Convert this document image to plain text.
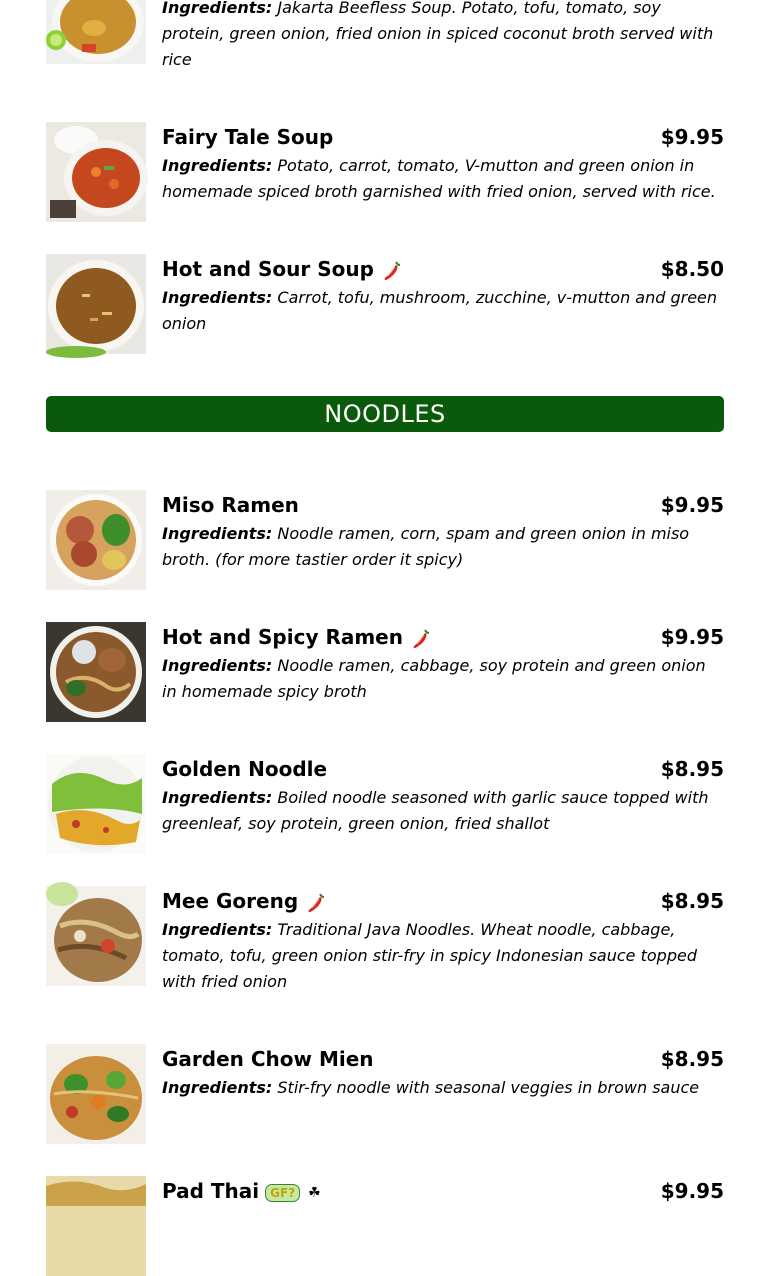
Ingredients: Jakarta Beefless Soup. Potato, tofu, tomato, soy protein, green onion, fried onion in spiced coconut broth served with rice
Fairy Tale Soup	$9.95
Ingredients: Potato, carrot, tomato, V-mutton and green onion in homemade spiced broth garnished with fried onion, served with rice.
Hot and Sour Soup	$8.50
Ingredients: Carrot, tofu, mushroom, zucchine, v-mutton and green onion
NOODLES
Miso Ramen	$9.95
Ingredients: Noodle ramen, corn, spam and green onion in miso broth. (for more tastier order it spicy)
Hot and Spicy Ramen	$9.95
Ingredients: Noodle ramen, cabbage, soy protein and green onion in homemade spicy broth
Golden Noodle	$8.95
Ingredients: Boiled noodle seasoned with garlic sauce topped with greenleaf, soy protein, green onion, fried shallot
Mee Goreng	$8.95
Ingredients: Traditional Java Noodles. Wheat noodle, cabbage, tomato, tofu, green onion stir-fry in spicy Indonesian sauce topped with fried onion
Garden Chow Mien	$8.95
Ingredients: Stir-fry noodle with seasonal veggies in brown sauce
Pad Thai GF? ☘	$9.95
